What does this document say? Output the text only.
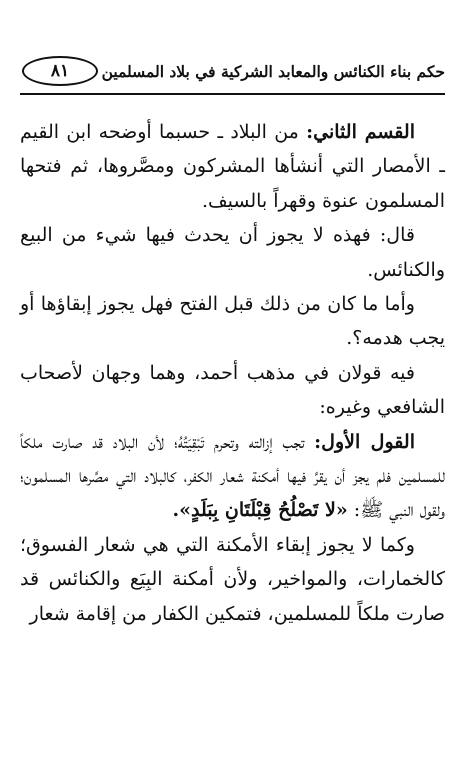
حكم بناء الكنائس والمعابد الشركية في بلاد المسلمين
٨١

القسم الثاني: من البلاد ـ حسبما أوضحه ابن القيم ـ الأمصار التي أنشأها المشركون ومصَّروها، ثم فتحها المسلمون عنوة وقهراً بالسيف.

قال: فهذه لا يجوز أن يحدث فيها شيء من البيع والكنائس.

وأما ما كان من ذلك قبل الفتح فهل يجوز إبقاؤها أو يجب هدمه؟.

فيه قولان في مذهب أحمد، وهما وجهان لأصحاب الشافعي وغيره:

القول الأول: تجب إزالته وتحرم تَبْقِيَتُهُ؛ لأن البلاد قد صارت ملكاً للمسلمين فلم يجز أن يقرَّ فيها أمكنة شعار الكفر، كالبلاد التي مصَّرها المسلمون؛ ولقول النبي ﷺ: «لا تَصْلُحُ قِبْلَتَانِ بِبَلَدٍ».

وكما لا يجوز إبقاء الأمكنة التي هي شعار الفسوق؛ كالخمارات، والمواخير، ولأن أمكنة البِيَع والكنائس قد صارت ملكاً للمسلمين، فتمكين الكفار من إقامة شعار
